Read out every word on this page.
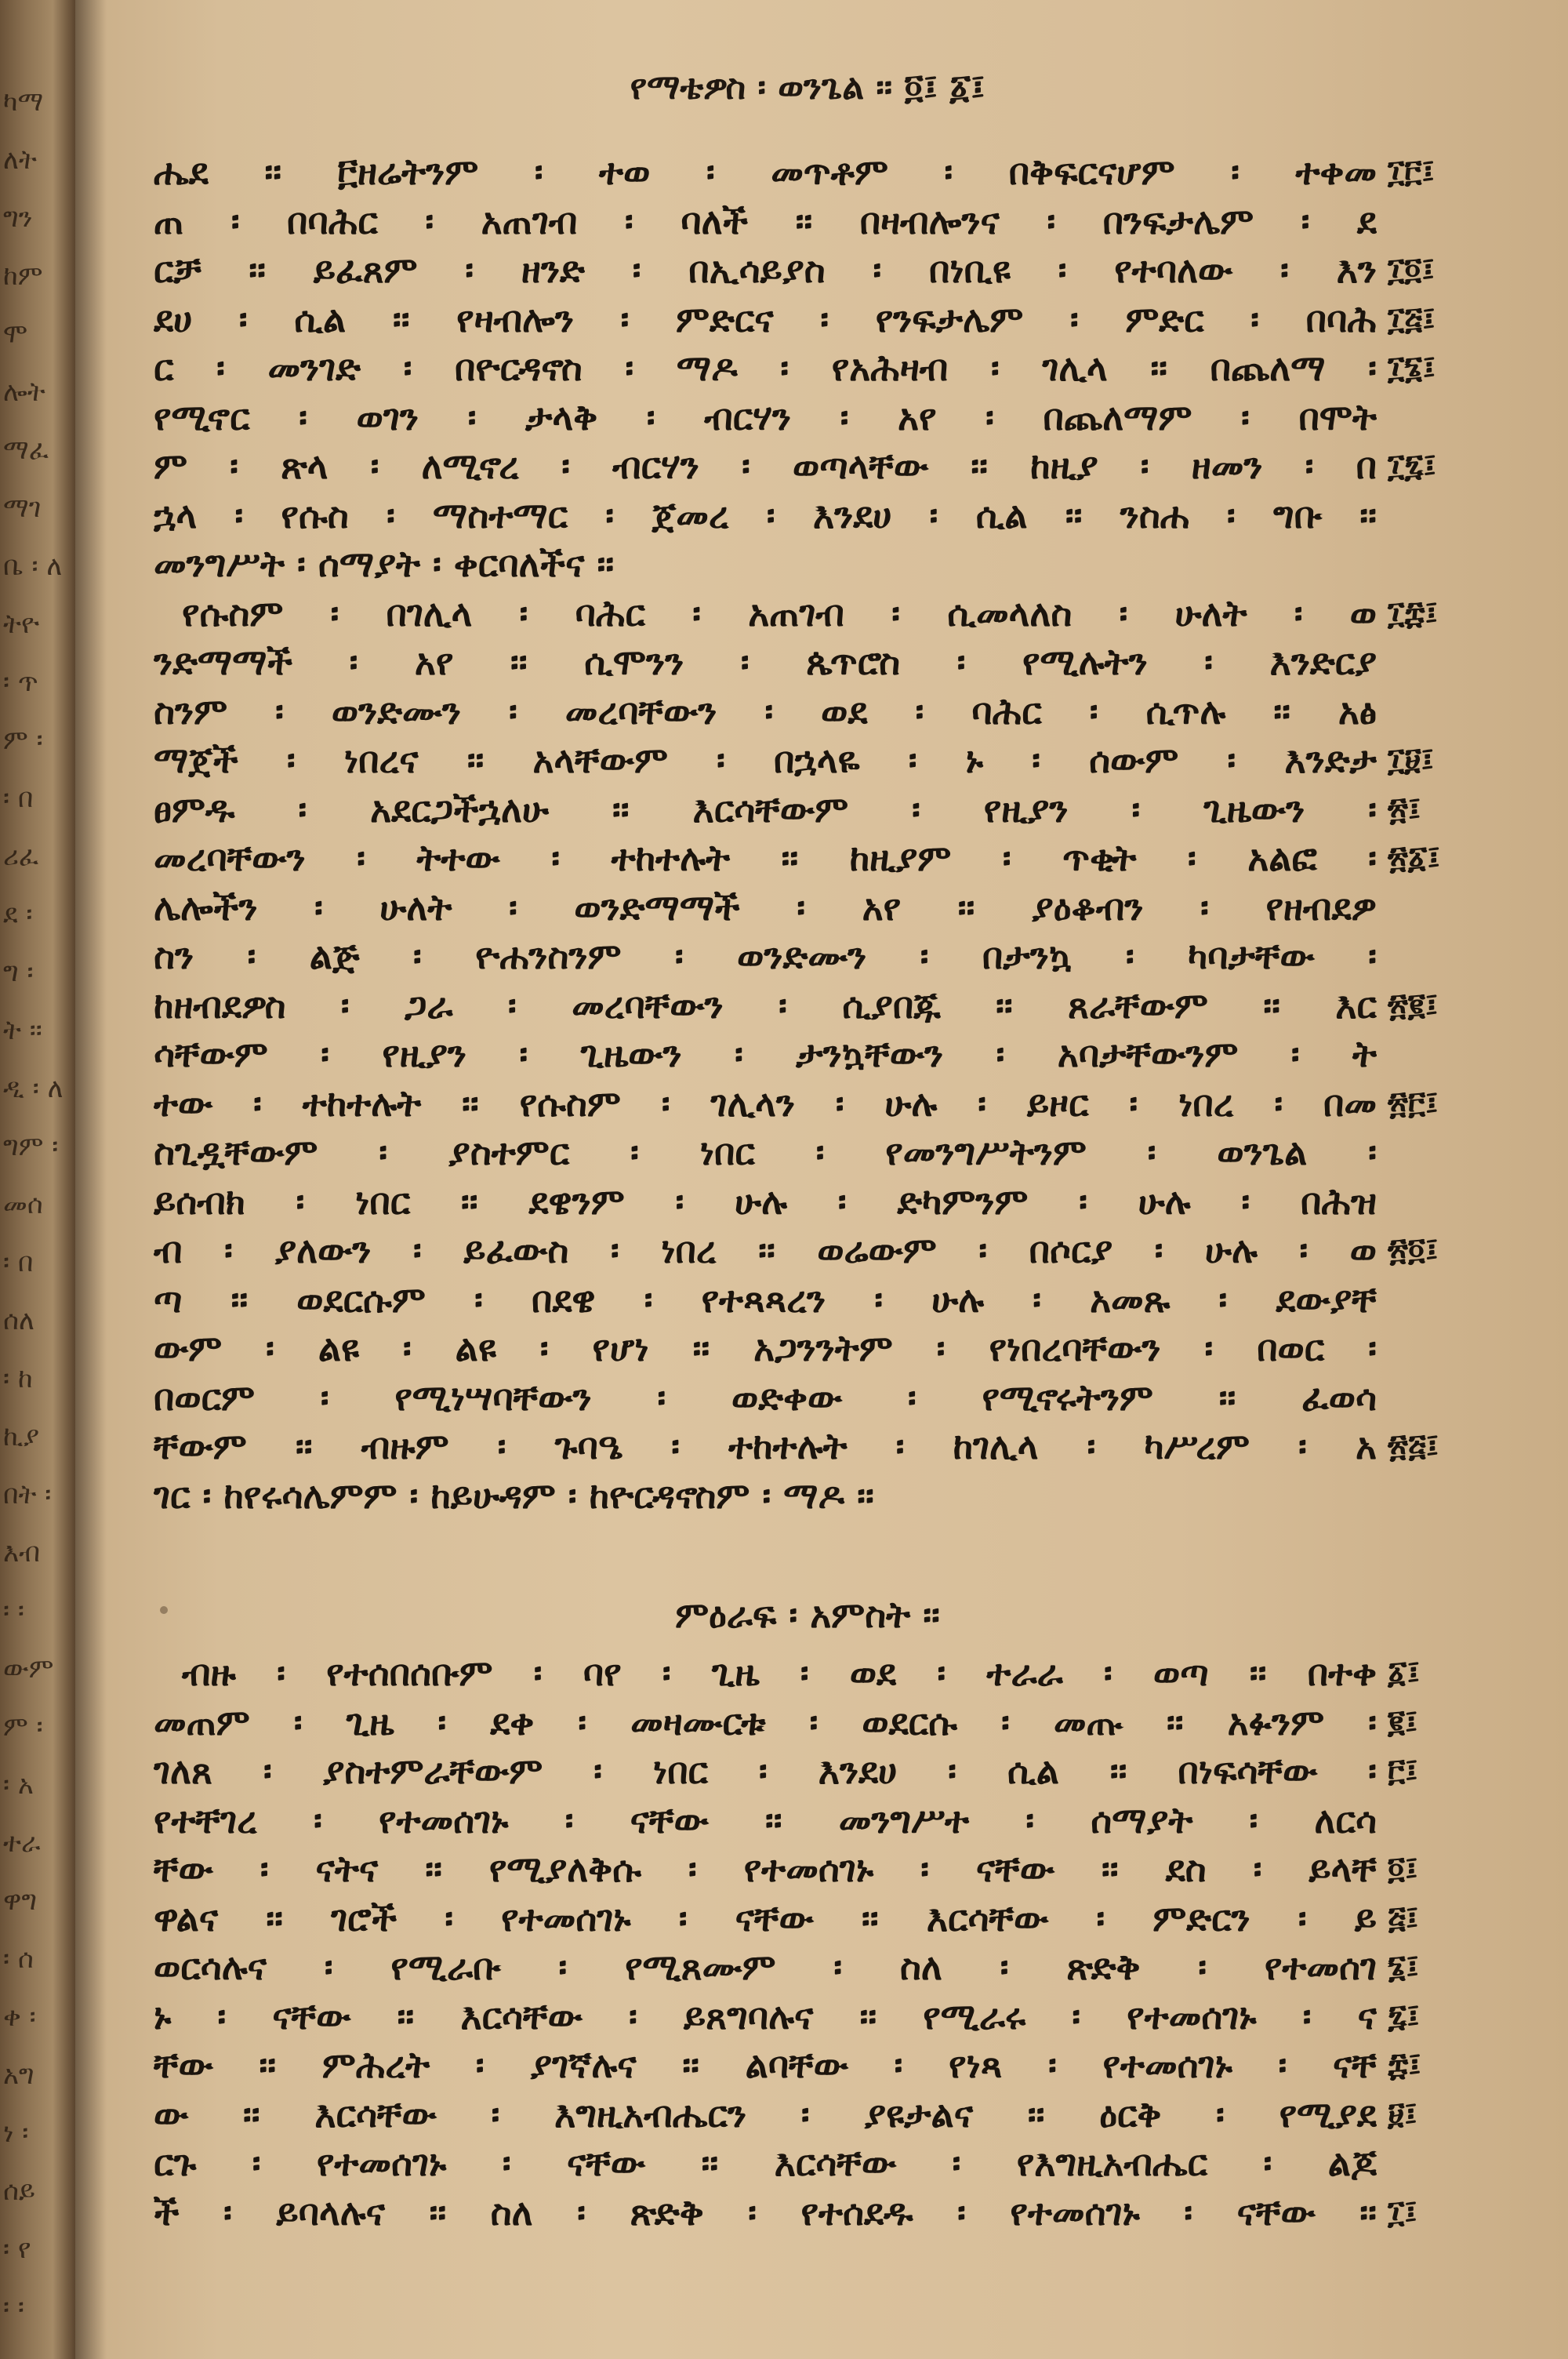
ካማ
ለት
ግን
ከም
ሞ
ሎት
ማፈ
ማገ
ቤ ፡ ለ
ትዮ
፡ ጥ
ም ፡
፡ በ
ሪፈ
ደ ፡
ግ ፡
ት ፡፡
ዲ ፡ ለ
ግም ፡
መሰ
፡ በ
ሰለ
፡ ከ
ኪያ
በት ፡
እብ
፡ ፡
ውም
ም ፡
፡ አ
ተራ
ዋግ
፡ ሰ
ቀ ፡
አግ
ነ ፡
ሰይ
፡ የ
፡ ፡
የማቴዎስ ፡ ወንጌል ፡፡ ፬፤ ፩፤
ሔደ ፡፡ ፫ዘሬትንም ፡ ተወ ፡ መጥቶም ፡ በቅፍርናሆም ፡ ተቀመ
ጠ ፡ በባሕር ፡ አጠገብ ፡ ባለች ፡፡ በዛብሎንና ፡ በንፍታሌም ፡ ደ
ርቻ ፡፡ ይፈጸም ፡ ዘንድ ፡ በኢሳይያስ ፡ በነቢዩ ፡ የተባለው ፡ እን
ደሀ ፡ ሲል ፡፡ የዛብሎን ፡ ምድርና ፡ የንፍታሌም ፡ ምድር ፡ በባሕ
ር ፡ መንገድ ፡ በዮርዳኖስ ፡ ማዶ ፡ የአሕዛብ ፡ ገሊላ ፡፡ በጨለማ ፡
የሚኖር ፡ ወገን ፡ ታላቅ ፡ ብርሃን ፡ አየ ፡ በጨለማም ፡ በሞት
ም ፡ ጽላ ፡ ለሚኖረ ፡ ብርሃን ፡ ወጣላቸው ፡፡ ከዚያ ፡ ዘመን ፡ በ
ኋላ ፡ የሱስ ፡ ማስተማር ፡ ጀመረ ፡ እንደሀ ፡ ሲል ፡፡ ንስሐ ፡ ግቡ ፡፡
መንግሥት ፡ ሰማያት ፡ ቀርባለችና ፡፡
የሱስም ፡ በገሊላ ፡ ባሕር ፡ አጠገብ ፡ ሲመላለስ ፡ ሁለት ፡ ወ
ንድማማች ፡ አየ ፡፡ ሲሞንን ፡ ጴጥሮስ ፡ የሚሉትን ፡ እንድርያ
ስንም ፡ ወንድሙን ፡ መረባቸውን ፡ ወደ ፡ ባሕር ፡ ሲጥሉ ፡፡ አፅ
ማጀች ፡ ነበረና ፡፡ አላቸውም ፡ በኋላዬ ፡ ኑ ፡ ሰውም ፡ እንድታ
ፀምዱ ፡ አደርጋችኋለሁ ፡፡ እርሳቸውም ፡ የዚያን ፡ ጊዜውን ፡
መረባቸውን ፡ ትተው ፡ ተከተሉት ፡፡ ከዚያም ፡ ጥቂት ፡ አልፎ ፡
ሌሎችን ፡ ሁለት ፡ ወንድማማች ፡ አየ ፡፡ ያዕቆብን ፡ የዘብደዎ
ስን ፡ ልጅ ፡ ዮሐንስንም ፡ ወንድሙን ፡ በታንኳ ፡ ካባታቸው ፡
ከዘብደዎስ ፡ ጋራ ፡ መረባቸውን ፡ ሲያበጁ ፡፡ ጸራቸውም ፡፡ እር
ሳቸውም ፡ የዚያን ፡ ጊዜውን ፡ ታንኳቸውን ፡ አባታቸውንም ፡ ት
ተው ፡ ተከተሉት ፡፡ የሱስም ፡ ገሊላን ፡ ሁሉ ፡ ይዞር ፡ ነበረ ፡ በመ
ስጊዷቸውም ፡ ያስተምር ፡ ነበር ፡ የመንግሥትንም ፡ ወንጌል ፡
ይሰብክ ፡ ነበር ፡፡ ደዌንም ፡ ሁሉ ፡ ድካምንም ፡ ሁሉ ፡ በሕዝ
ብ ፡ ያለውን ፡ ይፈውስ ፡ ነበረ ፡፡ ወሬውም ፡ በሶርያ ፡ ሁሉ ፡ ወ
ጣ ፡፡ ወደርሱም ፡ በደዌ ፡ የተጻጻረን ፡ ሁሉ ፡ አመጹ ፡ ደውያቸ
ውም ፡ ልዩ ፡ ልዩ ፡ የሆነ ፡፡ አጋንንትም ፡ የነበረባቸውን ፡ በወር ፡
በወርም ፡ የሚነሣባቸውን ፡ ወድቀው ፡ የሚኖሩትንም ፡፡ ፈወሳ
ቸውም ፡፡ ብዙም ፡ ጉባዔ ፡ ተከተሉት ፡ ከገሊላ ፡ ካሥረም ፡ አ
ገር ፡ ከየሩሳሌምም ፡ ከይሁዳም ፡ ከዮርዳኖስም ፡ ማዶ ፡፡
፲፫፤
፲፬፤
፲፭፤
፲፮፤
፲፯፤
፲፰፤
፲፱፤
፳፤
፳፩፤
፳፪፤
፳፫፤
፳፬፤
፳፭፤
ምዕራፍ ፡ አምስት ፡፡
ብዙ ፡ የተሰበሰቡም ፡ ባየ ፡ ጊዜ ፡ ወደ ፡ ተራራ ፡ ወጣ ፡፡ በተቀ
መጠም ፡ ጊዜ ፡ ደቀ ፡ መዛሙርቱ ፡ ወደርሱ ፡ መጡ ፡፡ አፉንም ፡
ገለጸ ፡ ያስተምራቸውም ፡ ነበር ፡ እንደሀ ፡ ሲል ፡፡ በነፍሳቸው ፡
የተቸገረ ፡ የተመሰገኑ ፡ ናቸው ፡፡ መንግሥተ ፡ ሰማያት ፡ ለርሳ
ቸው ፡ ናትና ፡፡ የሚያለቅሱ ፡ የተመሰገኑ ፡ ናቸው ፡፡ ደስ ፡ ይላቸ
ዋልና ፡፡ ገሮች ፡ የተመሰገኑ ፡ ናቸው ፡፡ እርሳቸው ፡ ምድርን ፡ ይ
ወርሳሉና ፡ የሚራቡ ፡ የሚጸሙም ፡ ስለ ፡ ጽድቅ ፡ የተመሰገ
ኑ ፡ ናቸው ፡፡ እርሳቸው ፡ ይጸግባሉና ፡፡ የሚራሩ ፡ የተመሰገኑ ፡ ና
ቸው ፡፡ ምሕረት ፡ ያገኛሉና ፡፡ ልባቸው ፡ የነጻ ፡ የተመሰገኑ ፡ ናቸ
ው ፡፡ እርሳቸው ፡ እግዚአብሔርን ፡ ያዩታልና ፡፡ ዕርቅ ፡ የሚያደ
ርጉ ፡ የተመሰገኑ ፡ ናቸው ፡፡ እርሳቸው ፡ የእግዚአብሔር ፡ ልጆ
ች ፡ ይባላሉና ፡፡ ስለ ፡ ጽድቅ ፡ የተሰደዱ ፡ የተመሰገኑ ፡ ናቸው ፡፡
፩፤
፪፤
፫፤
፬፤
፭፤
፮፤
፯፤
፰፤
፱፤
፲፤
